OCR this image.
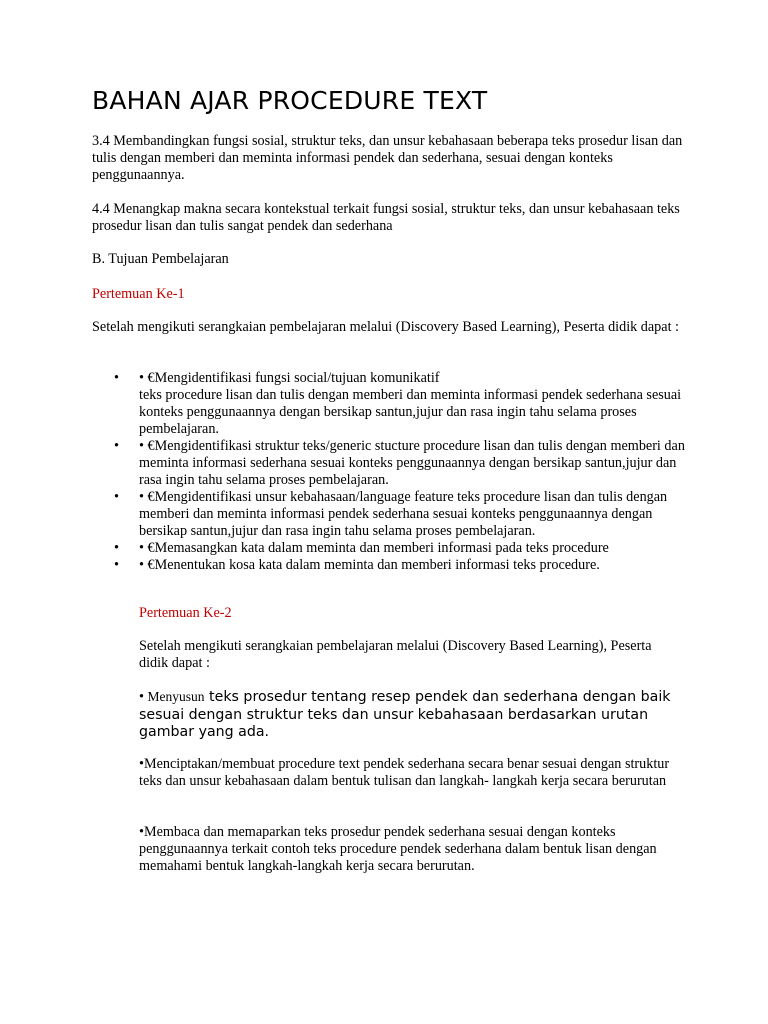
BAHAN AJAR PROCEDURE TEXT

3.4 Membandingkan fungsi sosial, struktur teks, dan unsur kebahasaan beberapa teks prosedur lisan dan tulis dengan memberi dan meminta informasi pendek dan sederhana, sesuai dengan konteks penggunaannya.

4.4 Menangkap makna secara kontekstual terkait fungsi sosial, struktur teks, dan unsur kebahasaan teks prosedur lisan dan tulis sangat pendek dan sederhana

B. Tujuan Pembelajaran

Pertemuan Ke-1

Setelah mengikuti serangkaian pembelajaran melalui (Discovery Based Learning), Peserta didik dapat :

• • €Mengidentifikasi fungsi social/tujuan komunikatif
teks procedure lisan dan tulis dengan memberi dan meminta informasi pendek sederhana sesuai konteks penggunaannya dengan bersikap santun,jujur dan rasa ingin tahu selama proses pembelajaran.
• • €Mengidentifikasi struktur teks/generic stucture procedure lisan dan tulis dengan memberi dan meminta informasi sederhana sesuai konteks penggunaannya dengan bersikap santun,jujur dan rasa ingin tahu selama proses pembelajaran.
• • €Mengidentifikasi unsur kebahasaan/language feature teks procedure lisan dan tulis dengan memberi dan meminta informasi pendek sederhana sesuai konteks penggunaannya dengan bersikap santun,jujur dan rasa ingin tahu selama proses pembelajaran.
• • €Memasangkan kata dalam meminta dan memberi informasi pada teks procedure
• • €Menentukan kosa kata dalam meminta dan memberi informasi teks procedure.

Pertemuan Ke-2

Setelah mengikuti serangkaian pembelajaran melalui (Discovery Based Learning), Peserta didik dapat :

• Menyusun teks prosedur tentang resep pendek dan sederhana dengan baik sesuai dengan struktur teks dan unsur kebahasaan berdasarkan urutan gambar yang ada.

•Menciptakan/membuat procedure text pendek sederhana secara benar sesuai dengan struktur teks dan unsur kebahasaan dalam bentuk tulisan dan langkah- langkah kerja secara berurutan

•Membaca dan memaparkan teks prosedur pendek sederhana sesuai dengan konteks penggunaannya terkait contoh teks procedure pendek sederhana dalam bentuk lisan dengan memahami bentuk langkah-langkah kerja secara berurutan.
